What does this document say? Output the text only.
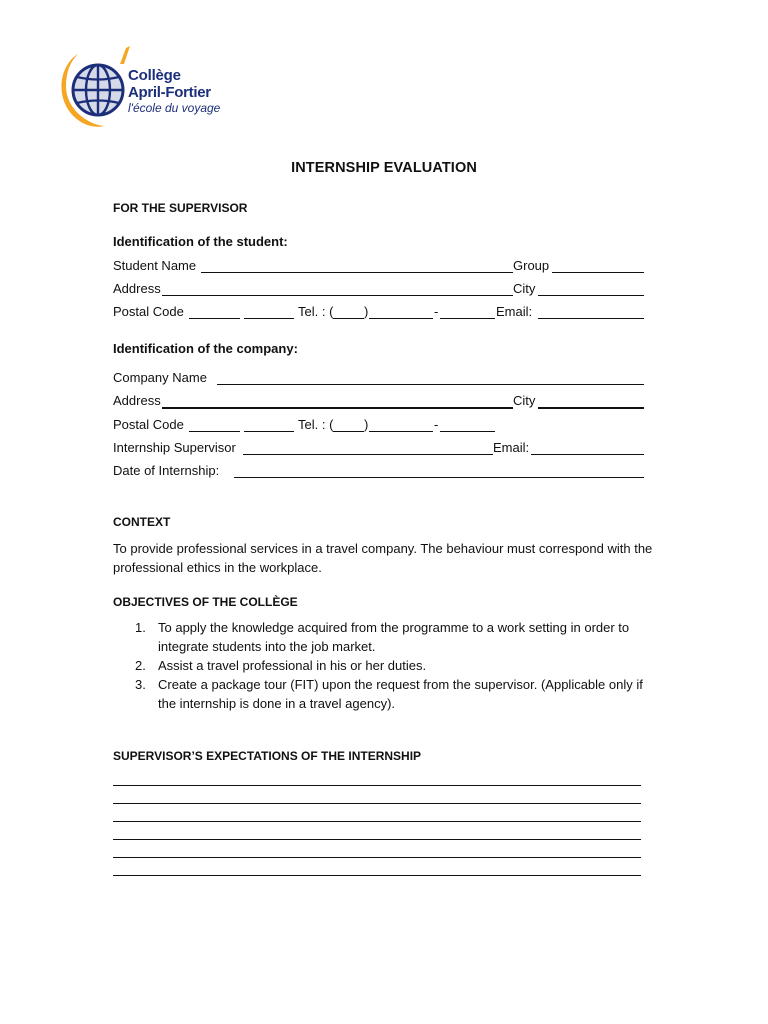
Collège
April-Fortier
l'école du voyage
INTERNSHIP EVALUATION
FOR THE SUPERVISOR
Identification of the student:
Student Name	Group
Address	City
Postal Code	Tel. : ( )	-	Email:
Identification of the company:
Company Name
Address	City
Postal Code	Tel. : ( )	-
Internship Supervisor	Email:
Date of Internship:
CONTEXT
To provide professional services in a travel company. The behaviour must correspond with the professional ethics in the workplace.
OBJECTIVES OF THE COLLÈGE
1. To apply the knowledge acquired from the programme to a work setting in order to integrate students into the job market.
2. Assist a travel professional in his or her duties.
3. Create a package tour (FIT) upon the request from the supervisor. (Applicable only if the internship is done in a travel agency).
SUPERVISOR’S EXPECTATIONS OF THE INTERNSHIP
